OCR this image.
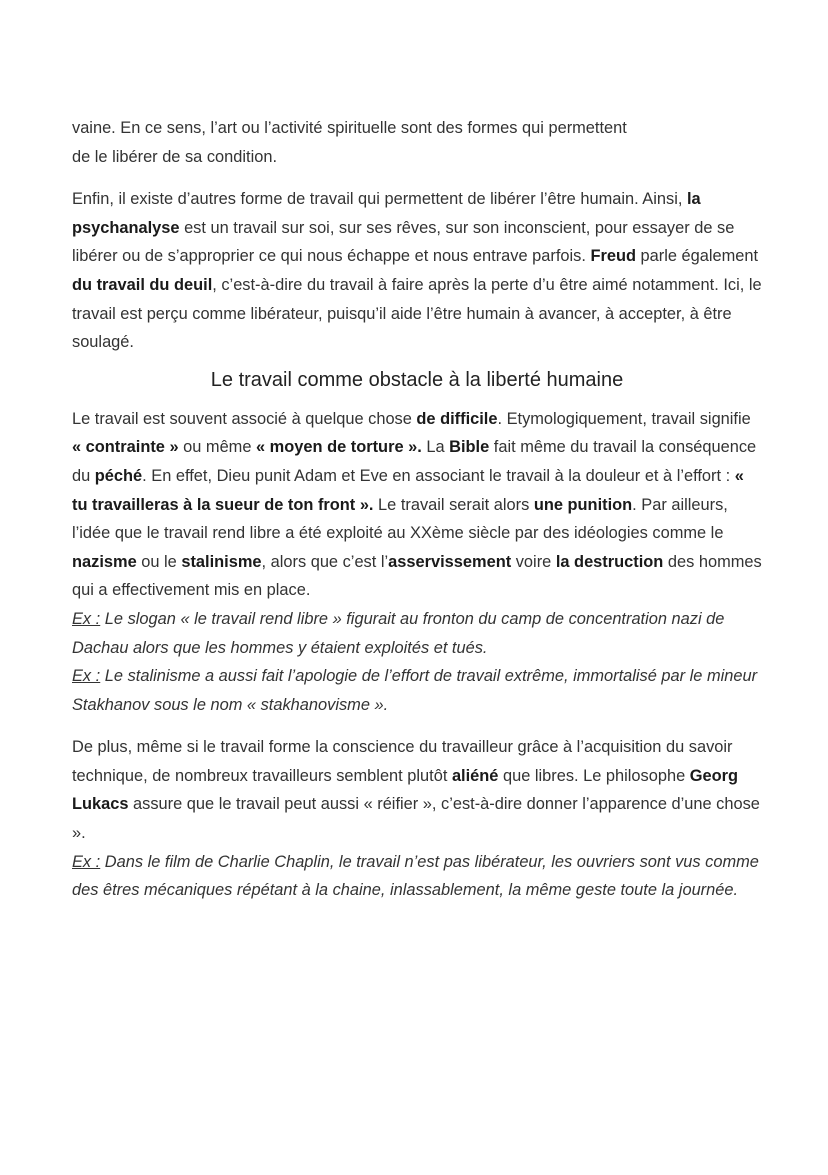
vaine. En ce sens, l’art ou l’activité spirituelle sont des formes qui permettent
de le libérer de sa condition.

Enfin, il existe d’autres forme de travail qui permettent de libérer l’être humain. Ainsi, la psychanalyse est un travail sur soi, sur ses rêves, sur son inconscient, pour essayer de se libérer ou de s’approprier ce qui nous échappe et nous entrave parfois. Freud parle également du travail du deuil, c’est-à-dire du travail à faire après la perte d’u être aimé notamment. Ici, le travail est perçu comme libérateur, puisqu’il aide l’être humain à avancer, à accepter, à être soulagé.

Le travail comme obstacle à la liberté humaine

Le travail est souvent associé à quelque chose de difficile. Etymologiquement, travail signifie « contrainte » ou même « moyen de torture ». La Bible fait même du travail la conséquence du péché. En effet, Dieu punit Adam et Eve en associant le travail à la douleur et à l’effort : « tu travailleras à la sueur de ton front ». Le travail serait alors une punition. Par ailleurs, l’idée que le travail rend libre a été exploité au XXème siècle par des idéologies comme le nazisme ou le stalinisme, alors que c’est l’asservissement voire la destruction des hommes qui a effectivement mis en place.
Ex : Le slogan « le travail rend libre » figurait au fronton du camp de concentration nazi de Dachau alors que les hommes y étaient exploités et tués.
Ex : Le stalinisme a aussi fait l’apologie de l’effort de travail extrême, immortalisé par le mineur Stakhanov sous le nom « stakhanovisme ».

De plus, même si le travail forme la conscience du travailleur grâce à l’acquisition du savoir technique, de nombreux travailleurs semblent plutôt aliéné que libres. Le philosophe Georg Lukacs assure que le travail peut aussi « réifier », c’est-à-dire donner l’apparence d’une chose ».
Ex : Dans le film de Charlie Chaplin, le travail n’est pas libérateur, les ouvriers sont vus comme des êtres mécaniques répétant à la chaine, inlassablement, la même geste toute la journée.
